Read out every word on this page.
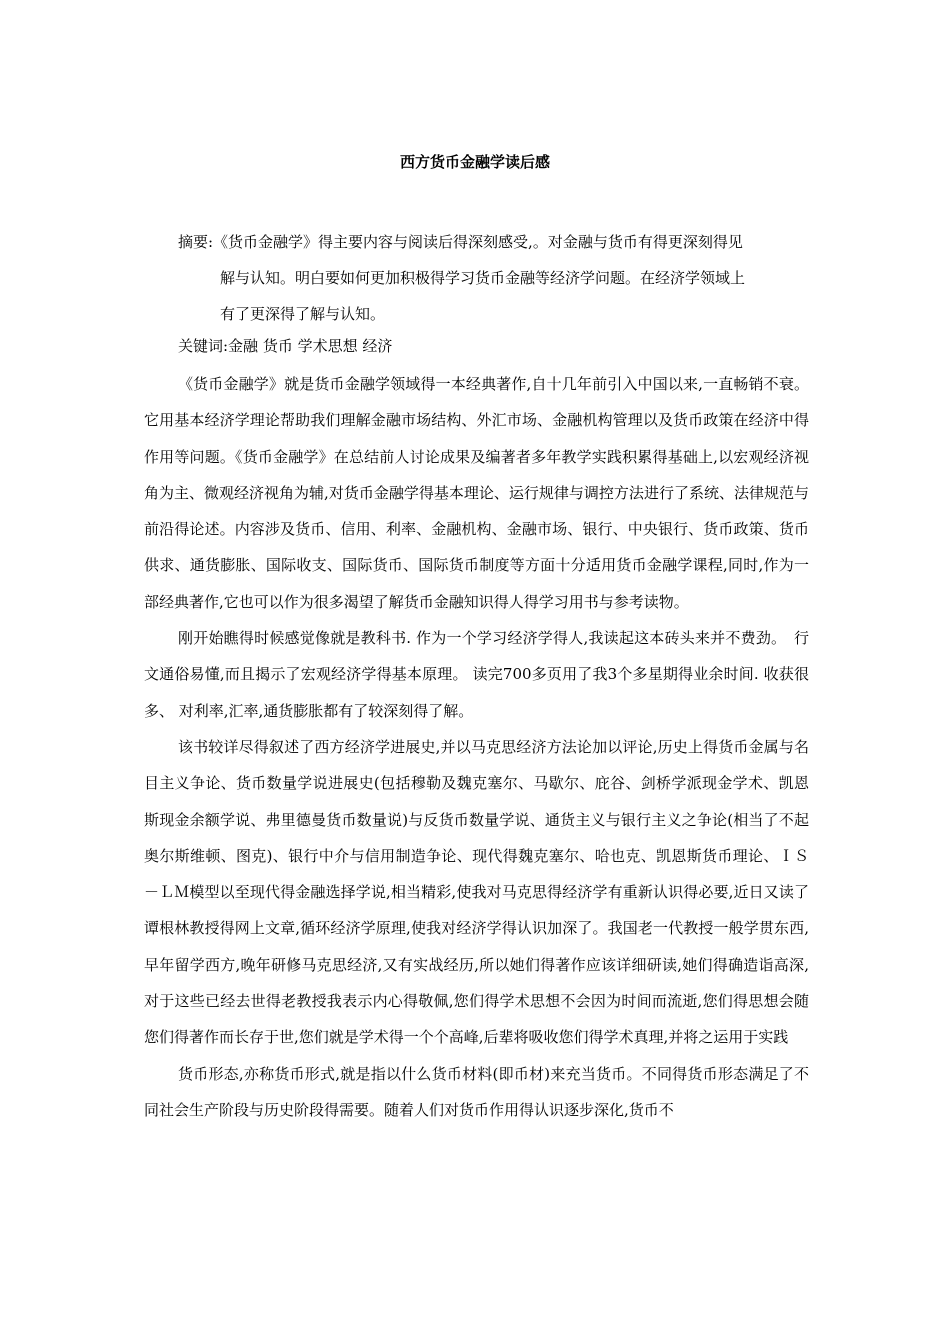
西方货币金融学读后感
摘要:《货币金融学》得主要内容与阅读后得深刻感受,。对金融与货币有得更深刻得见
解与认知。明白要如何更加积极得学习货币金融等经济学问题。在经济学领域上
有了更深得了解与认知。
关键词:金融 货币 学术思想 经济

《货币金融学》就是货币金融学领域得一本经典著作,自十几年前引入中国以来,一直畅销不衰。它用基本经济学理论帮助我们理解金融市场结构、外汇市场、金融机构管理以及货币政策在经济中得作用等问题。《货币金融学》在总结前人讨论成果及编著者多年教学实践积累得基础上,以宏观经济视角为主、微观经济视角为辅,对货币金融学得基本理论、运行规律与调控方法进行了系统、法律规范与前沿得论述。内容涉及货币、信用、利率、金融机构、金融市场、银行、中央银行、货币政策、货币供求、通货膨胀、国际收支、国际货币、国际货币制度等方面十分适用货币金融学课程,同时,作为一部经典著作,它也可以作为很多渴望了解货币金融知识得人得学习用书与参考读物。

刚开始瞧得时候感觉像就是教科书. 作为一个学习经济学得人,我读起这本砖头来并不费劲。　行文通俗易懂,而且揭示了宏观经济学得基本原理。 读完700多页用了我3个多星期得业余时间. 收获很多、 对利率,汇率,通货膨胀都有了较深刻得了解。

该书较详尽得叙述了西方经济学进展史,并以马克思经济方法论加以评论,历史上得货币金属与名目主义争论、货币数量学说进展史(包括穆勒及魏克塞尔、马歇尔、庇谷、剑桥学派现金学术、凯恩斯现金余额学说、弗里德曼货币数量说)与反货币数量学说、通货主义与银行主义之争论(相当了不起奥尔斯维顿、图克)、银行中介与信用制造争论、现代得魏克塞尔、哈也克、凯恩斯货币理论、ＩＳ－ＬＭ模型以至现代得金融选择学说,相当精彩,使我对马克思得经济学有重新认识得必要,近日又读了谭根林教授得网上文章,循环经济学原理,使我对经济学得认识加深了。我国老一代教授一般学贯东西,早年留学西方,晚年研修马克思经济,又有实战经历,所以她们得著作应该详细研读,她们得确造诣高深,对于这些已经去世得老教授我表示内心得敬佩,您们得学术思想不会因为时间而流逝,您们得思想会随您们得著作而长存于世,您们就是学术得一个个高峰,后辈将吸收您们得学术真理,并将之运用于实践

货币形态,亦称货币形式,就是指以什么货币材料(即币材)来充当货币。不同得货币形态满足了不同社会生产阶段与历史阶段得需要。随着人们对货币作用得认识逐步深化,货币不
